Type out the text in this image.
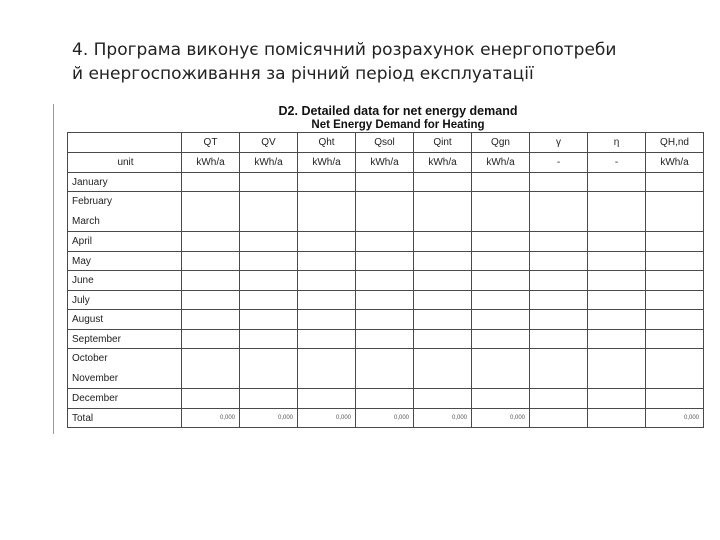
4. Програма виконує помісячний розрахунок енергопотреби
й енергоспоживання за річний період експлуатації
D2. Detailed data for net energy demand
Net Energy Demand for Heating
	QT	QV	Qht	Qsol	Qint	Qgn	γ	η	QH,nd
unit	kWh/a	kWh/a	kWh/a	kWh/a	kWh/a	kWh/a	-	-	kWh/a
January									

February
March									

April									
May									
June									
July									
August									
September									

October
November									

December									
Total	0,000	0,000	0,000	0,000	0,000	0,000			0,000
